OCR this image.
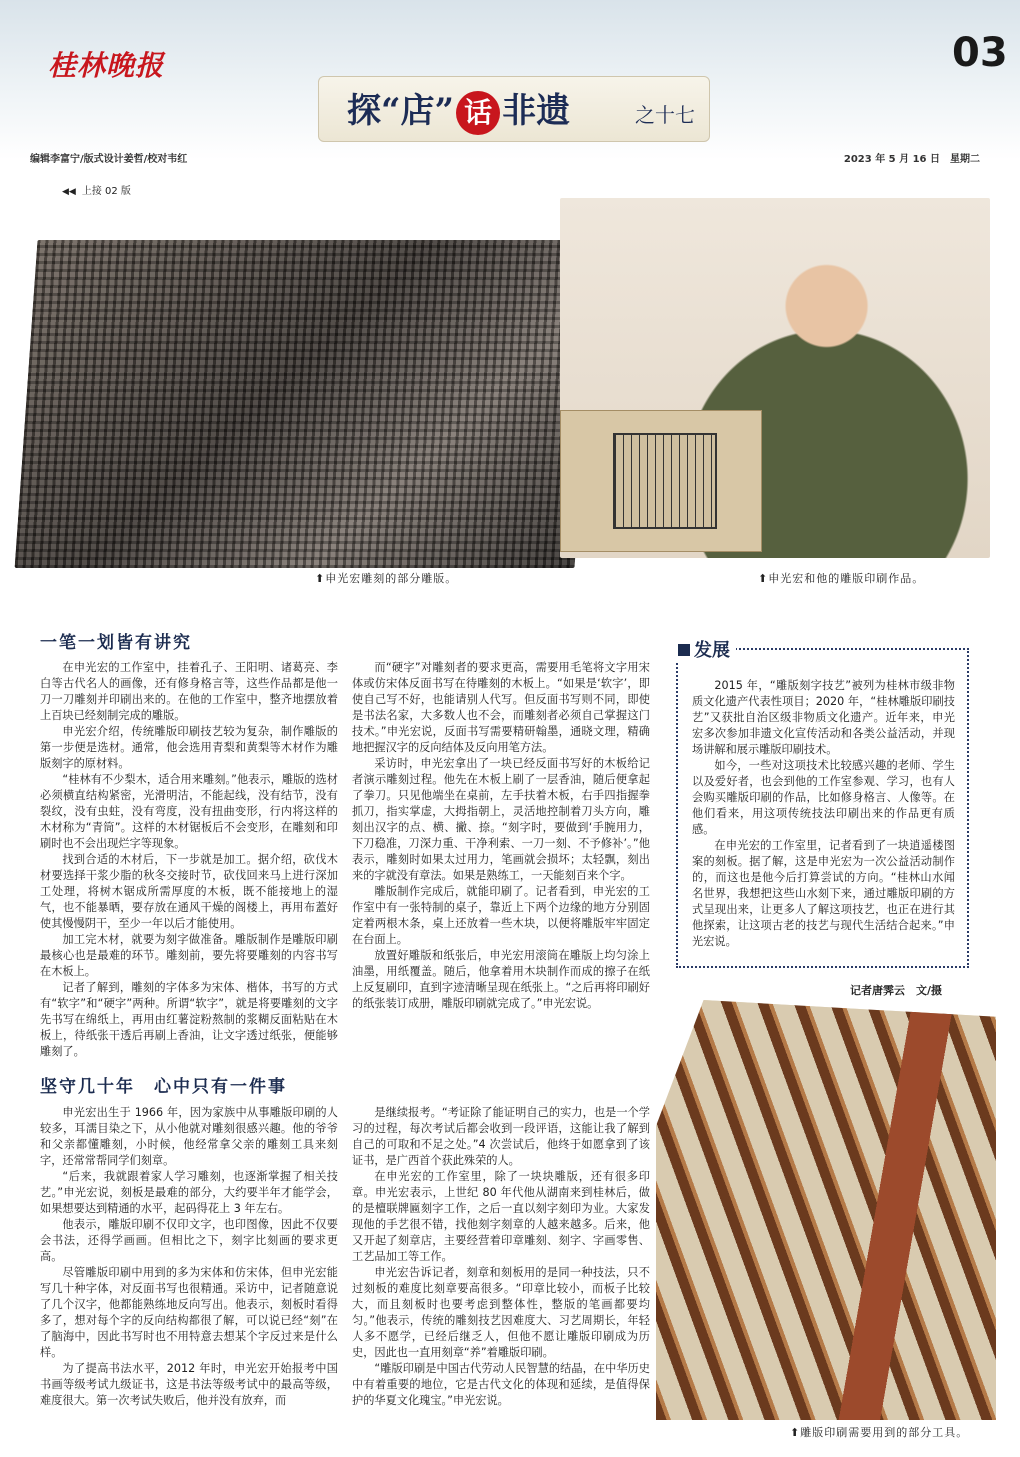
桂林晚报	03
探“店” 话 非遗	之十七
编辑李富宁/版式设计姜哲/校对韦红	2023 年 5 月 16 日　星期二
◀◀ 上接 02 版
⬆申光宏雕刻的部分雕版。	⬆申光宏和他的雕版印刷作品。
一笔一划皆有讲究

在申光宏的工作室中，挂着孔子、王阳明、诸葛亮、李白等古代名人的画像，还有修身格言等，这些作品都是他一刀一刀雕刻并印刷出来的。在他的工作室中，整齐地摆放着上百块已经刻制完成的雕版。

申光宏介绍，传统雕版印刷技艺较为复杂，制作雕版的第一步便是选材。通常，他会选用青梨和黄梨等木材作为雕版刻字的原材料。

“桂林有不少梨木，适合用来雕刻。”他表示，雕版的选材必须横直结构紧密，光滑明洁，不能起线，没有结节，没有裂纹，没有虫蛀，没有弯度，没有扭曲变形，行内将这样的木材称为“青筒”。这样的木材锯板后不会变形，在雕刻和印刷时也不会出现烂字等现象。

找到合适的木材后，下一步就是加工。据介绍，砍伐木材要选择干浆少脂的秋冬交接时节，砍伐回来马上进行深加工处理，将树木锯成所需厚度的木板，既不能接地上的湿气，也不能暴晒，要存放在通风干燥的阁楼上，再用布蓋好使其慢慢阴干，至少一年以后才能使用。

加工完木材，就要为刻字做准备。雕版制作是雕版印刷最核心也是最难的环节。雕刻前，要先将要雕刻的内容书写在木板上。

记者了解到，雕刻的字体多为宋体、楷体，书写的方式有“软字”和“硬字”两种。所谓“软字”，就是将要雕刻的文字先书写在绵纸上，再用由红薯淀粉熬制的浆糊反面粘贴在木板上，待纸张干透后再刷上香油，让文字透过纸张，便能够雕刻了。

而“硬字”对雕刻者的要求更高，需要用毛笔将文字用宋体或仿宋体反面书写在待雕刻的木板上。“如果是‘软字’，即使自己写不好，也能请别人代写。但反面书写则不同，即使是书法名家，大多数人也不会，而雕刻者必须自己掌握这门技术。”申光宏说，反面书写需要精研翰墨，通晓文理，精确地把握汉字的反向结体及反向用笔方法。

采访时，申光宏拿出了一块已经反面书写好的木板给记者演示雕刻过程。他先在木板上刷了一层香油，随后便拿起了拳刀。只见他端坐在桌前，左手扶着木板，右手四指握拳抓刀，指实掌虚，大拇指朝上，灵活地控制着刀头方向，雕刻出汉字的点、横、撇、捺。“刻字时，要做到‘手腕用力，下刀稳准，刀深力重、干净利索、一刀一刻、不予修补’。”他表示，雕刻时如果太过用力，笔画就会损坏；太轻飘，刻出来的字就没有章法。如果是熟练工，一天能刻百来个字。

雕版制作完成后，就能印刷了。记者看到，申光宏的工作室中有一张特制的桌子，靠近上下两个边缘的地方分别固定着两根木条，桌上还放着一些木块，以便将雕版牢牢固定在台面上。

放置好雕版和纸张后，申光宏用滚筒在雕版上均匀涂上油墨，用纸覆盖。随后，他拿着用木块制作而成的擦子在纸上反复刷印，直到字迹清晰呈现在纸张上。“之后再将印刷好的纸张装订成册，雕版印刷就完成了。”申光宏说。

2015 年，“雕版刻字技艺”被列为桂林市级非物质文化遗产代表性项目；2020 年，“桂林雕版印刷技艺”又获批自治区级非物质文化遗产。近年来，申光宏多次参加非遗文化宣传活动和各类公益活动，并现场讲解和展示雕版印刷技术。

如今，一些对这项技术比较感兴趣的老师、学生以及爱好者，也会到他的工作室参观、学习，也有人会购买雕版印刷的作品，比如修身格言、人像等。在他们看来，用这项传统技法印刷出来的作品更有质感。

在申光宏的工作室里，记者看到了一块逍遥楼图案的刻板。据了解，这是申光宏为一次公益活动制作的，而这也是他今后打算尝试的方向。“桂林山水闻名世界，我想把这些山水刻下来，通过雕版印刷的方式呈现出来，让更多人了解这项技艺，也正在进行其他探索，让这项古老的技艺与现代生活结合起来。”申光宏说。

发展
记者唐霁云　文/摄
坚守几十年　心中只有一件事

申光宏出生于 1966 年，因为家族中从事雕版印刷的人较多，耳濡目染之下，从小他就对雕刻很感兴趣。他的爷爷和父亲都懂雕刻，小时候，他经常拿父亲的雕刻工具来刻字，还常常帮同学们刻章。

“后来，我就跟着家人学习雕刻，也逐渐掌握了相关技艺。”申光宏说，刻板是最难的部分，大约要半年才能学会，如果想要达到精通的水平，起码得花上 3 年左右。

他表示，雕版印刷不仅印文字，也印图像，因此不仅要会书法，还得学画画。但相比之下，刻字比刻画的要求更高。

尽管雕版印刷中用到的多为宋体和仿宋体，但申光宏能写几十种字体，对反面书写也很精通。采访中，记者随意说了几个汉字，他都能熟练地反向写出。他表示，刻板时看得多了，想对每个字的反向结构都很了解，可以说已经“刻”在了脑海中，因此书写时也不用特意去想某个字反过来是什么样。

为了提高书法水平，2012 年时，申光宏开始报考中国书画等级考试九级证书，这是书法等级考试中的最高等级，难度很大。第一次考试失败后，他并没有放弃，而

是继续报考。“考证除了能证明自己的实力，也是一个学习的过程，每次考试后都会收到一段评语，这能让我了解到自己的可取和不足之处。”4 次尝试后，他终于如愿拿到了该证书，是广西首个获此殊荣的人。

在申光宏的工作室里，除了一块块雕版，还有很多印章。申光宏表示，上世纪 80 年代他从湖南来到桂林后，做的是檀联牌匾刻字工作，之后一直以刻字刻印为业。大家发现他的手艺很不错，找他刻字刻章的人越来越多。后来，他又开起了刻章店，主要经营着印章雕刻、刻字、字画零售、工艺品加工等工作。

申光宏告诉记者，刻章和刻板用的是同一种技法，只不过刻板的难度比刻章要高很多。“印章比较小，而板子比较大，而且刻板时也要考虑到整体性，整版的笔画都要均匀。”他表示，传统的雕刻技艺因难度大、习艺周期长，年轻人多不愿学，已经后继乏人，但他不愿让雕版印刷成为历史，因此也一直用刻章“养”着雕版印刷。

“雕版印刷是中国古代劳动人民智慧的结晶，在中华历史中有着重要的地位，它是古代文化的体现和延续，是值得保护的华夏文化瑰宝。”申光宏说。

⬆雕版印刷需要用到的部分工具。
